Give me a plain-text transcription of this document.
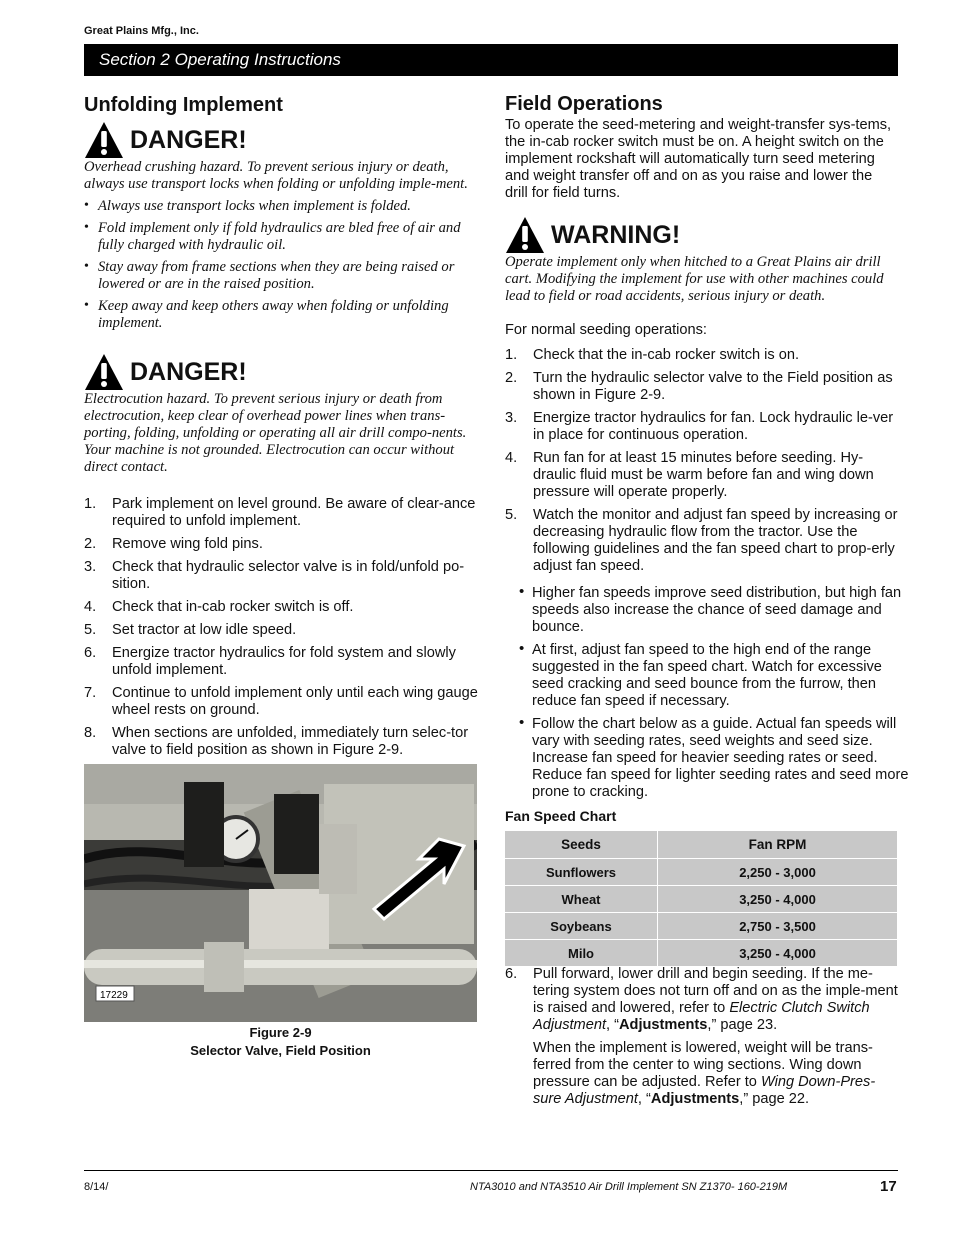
Great Plains Mfg., Inc.
Section 2 Operating Instructions
Unfolding Implement
DANGER!
Overhead crushing hazard. To prevent serious injury or death, always use transport locks when folding or unfolding imple-ment.
• Always use transport locks when implement is folded.
• Fold implement only if fold hydraulics are bled free of air and fully charged with hydraulic oil.
• Stay away from frame sections when they are being raised or lowered or are in the raised position.
• Keep away and keep others away when folding or unfolding implement.
DANGER!
Electrocution hazard. To prevent serious injury or death from electrocution, keep clear of overhead power lines when trans-porting, folding, unfolding or operating all air drill compo-nents. Your machine is not grounded. Electrocution can occur without direct contact.
1. Park implement on level ground. Be aware of clear-ance required to unfold implement.
2. Remove wing fold pins.
3. Check that hydraulic selector valve is in fold/unfold po-sition.
4. Check that in-cab rocker switch is off.
5. Set tractor at low idle speed.
6. Energize tractor hydraulics for fold system and slowly unfold implement.
7. Continue to unfold implement only until each wing gauge wheel rests on ground.
8. When sections are unfolded, immediately turn selec-tor valve to field position as shown in Figure 2-9.
17229
Figure 2-9
Selector Valve, Field Position
Field Operations
To operate the seed-metering and weight-transfer sys-tems, the in-cab rocker switch must be on. A height switch on the implement rockshaft will automatically turn seed metering and weight transfer off and on as you raise and lower the drill for field turns.
WARNING!
Operate implement only when hitched to a Great Plains air drill cart. Modifying the implement for use with other machines could lead to field or road accidents, serious injury or death.
For normal seeding operations:
1. Check that the in-cab rocker switch is on.
2. Turn the hydraulic selector valve to the Field position as shown in Figure 2-9.
3. Energize tractor hydraulics for fan. Lock hydraulic le-ver in place for continuous operation.
4. Run fan for at least 15 minutes before seeding. Hy-draulic fluid must be warm before fan and wing down pressure will operate properly.
5. Watch the monitor and adjust fan speed by increasing or decreasing hydraulic flow from the tractor. Use the following guidelines and the fan speed chart to prop-erly adjust fan speed.
• Higher fan speeds improve seed distribution, but high fan speeds also increase the chance of seed damage and bounce.
• At first, adjust fan speed to the high end of the range suggested in the fan speed chart. Watch for excessive seed cracking and seed bounce from the furrow, then reduce fan speed if necessary.
• Follow the chart below as a guide. Actual fan speeds will vary with seeding rates, seed weights and seed size. Increase fan speed for heavier seeding rates or seed. Reduce fan speed for lighter seeding rates and seed more prone to cracking.
Fan Speed Chart
Seeds	Fan RPM
Sunflowers	2,250 - 3,000
Wheat	3,250 - 4,000
Soybeans	2,750 - 3,500
Milo	3,250 - 4,000
6. Pull forward, lower drill and begin seeding. If the me-tering system does not turn off and on as the imple-ment is raised and lowered, refer to Electric Clutch Switch Adjustment, “Adjustments,” page 23.
When the implement is lowered, weight will be trans-ferred from the center to wing sections. Wing down pressure can be adjusted. Refer to Wing Down-Pres-sure Adjustment, “Adjustments,” page 22.
8/14/	NTA3010 and NTA3510 Air Drill Implement SN Z1370- 160-219M	17
